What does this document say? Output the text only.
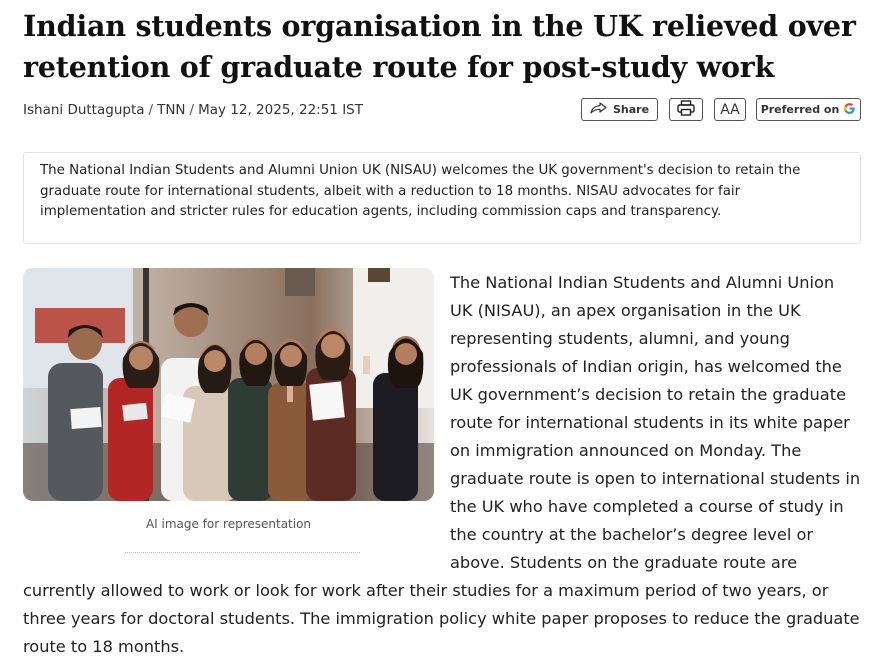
Indian students organisation in the UK relieved over
retention of graduate route for post-study work
Ishani Duttagupta / TNN / May 12, 2025, 22:51 IST	Share	AA Preferred on

The National Indian Students and Alumni Union UK (NISAU) welcomes the UK government's decision to retain the graduate route for international students, albeit with a reduction to 18 months. NISAU advocates for fair implementation and stricter rules for education agents, including commission caps and transparency.

AI image for representation
The National Indian Students and Alumni Union
UK (NISAU), an apex organisation in the UK
representing students, alumni, and young
professionals of Indian origin, has welcomed the
UK government’s decision to retain the graduate
route for international students in its white paper
on immigration announced on Monday. The
graduate route is open to international students in
the UK who have completed a course of study in
the country at the bachelor’s degree level or
above. Students on the graduate route are
currently allowed to work or look for work after their studies for a maximum period of two years, or
three years for doctoral students. The immigration policy white paper proposes to reduce the graduate
route to 18 months.
